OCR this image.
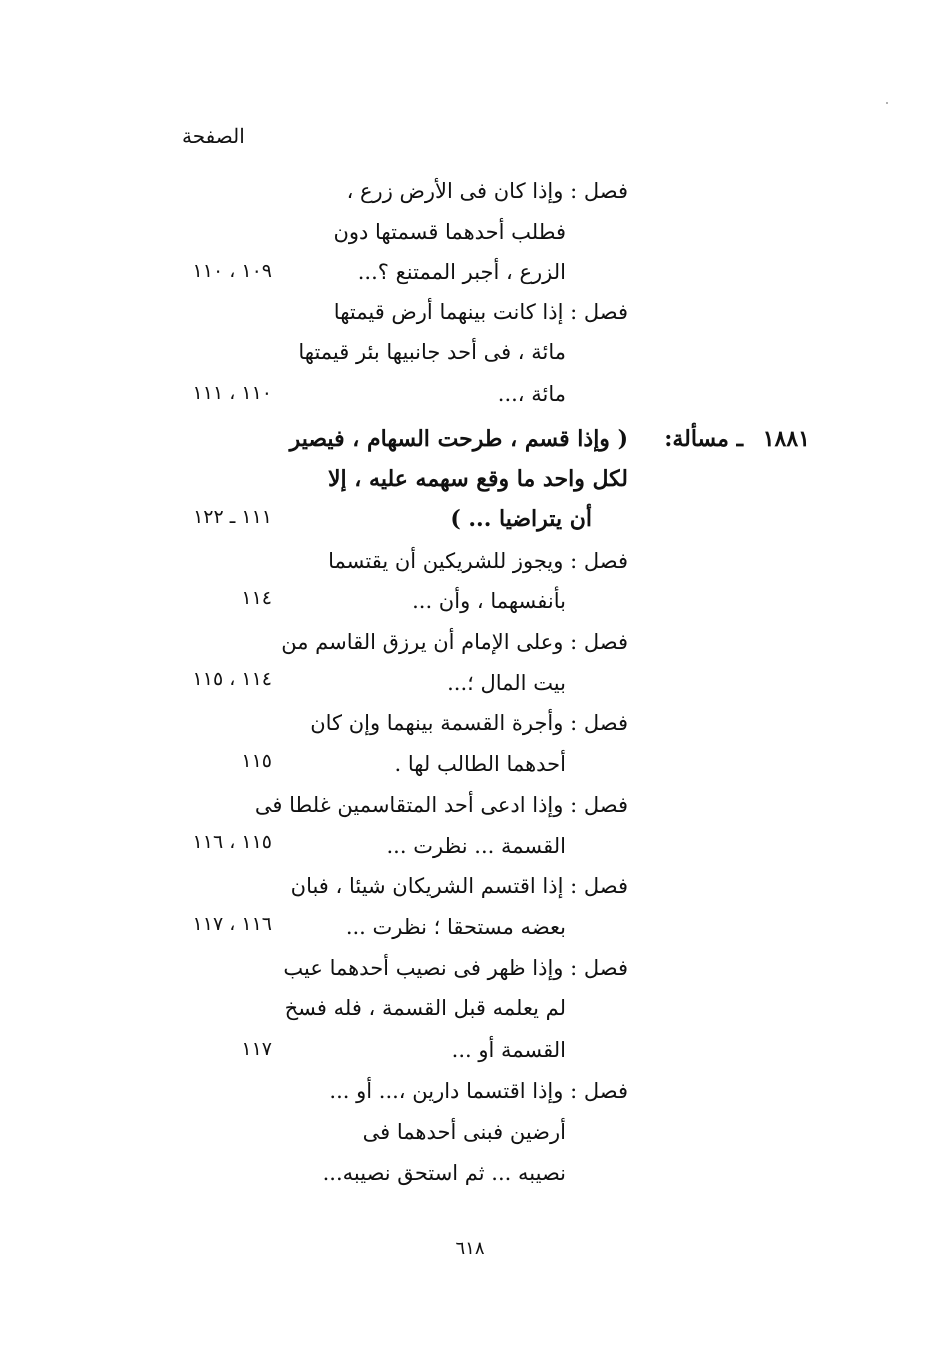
الصفحة
١٨٨١ ـ مسألة:
فصل : وإذا كان فى الأرض زرع ،
فطلب أحدهما قسمتها دون
الزرع ، أجبر الممتنع ؟...
١٠٩ ، ١١٠
فصل : إذا كانت بينهما أرض قيمتها
مائة ، فى أحد جانبيها بئر قيمتها
مائة ،...
١١٠ ، ١١١
( وإذا قسم ، طرحت السهام ، فيصير
لكل واحد ما وقع سهمه عليه ، إلا
أن يتراضيا ... )
١١١ ـ ١٢٢
فصل : ويجوز للشريكين أن يقتسما
بأنفسهما ، وأن ...
١١٤
فصل : وعلى الإمام أن يرزق القاسم من
بيت المال ؛...
١١٤ ، ١١٥
فصل : وأجرة القسمة بينهما وإن كان
أحدهما الطالب لها .
١١٥
فصل : وإذا ادعى أحد المتقاسمين غلطا فى
القسمة ... نظرت ...
١١٥ ، ١١٦
فصل : إذا اقتسم الشريكان شيئا ، فبان
بعضه مستحقا ؛ نظرت ...
١١٦ ، ١١٧
فصل : وإذا ظهر فى نصيب أحدهما عيب
لم يعلمه قبل القسمة ، فله فسخ
القسمة أو ...
١١٧
فصل : وإذا اقتسما دارين ،... أو ...
أرضين فبنى أحدهما فى
نصيبه ... ثم استحق نصيبه...
٦١٨
